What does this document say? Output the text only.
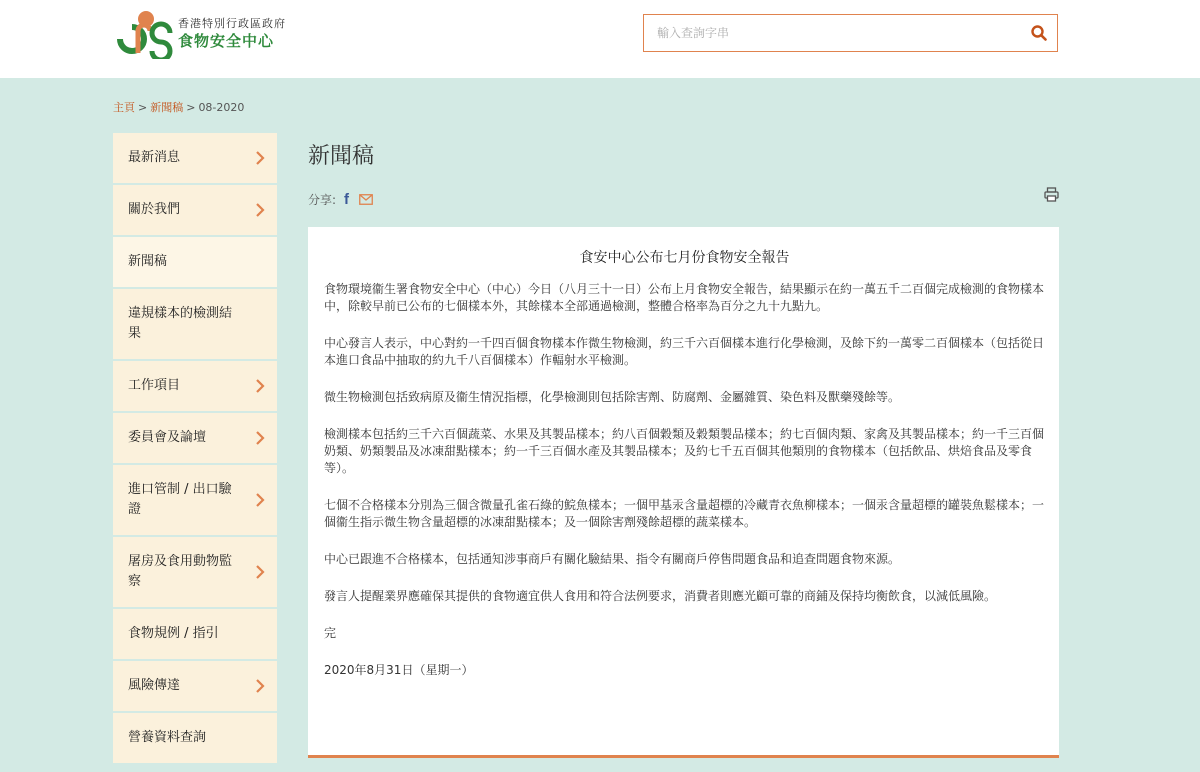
香港特別行政區政府
食物安全中心
輸入查詢字串
主頁 > 新聞稿 > 08-2020
最新消息
關於我們
新聞稿
違規樣本的檢測結果
工作項目
委員會及論壇
進口管制 / 出口驗證
屠房及食用動物監察
食物規例 / 指引
風險傳達
營養資料查詢
新聞稿
分享: f
食安中心公布七月份食物安全報告

食物環境衞生署食物安全中心（中心）今日（八月三十一日）公布上月食物安全報告，結果顯示在約一萬五千二百個完成檢測的食物樣本中，除較早前已公布的七個樣本外，其餘樣本全部通過檢測，整體合格率為百分之九十九點九。

中心發言人表示，中心對約一千四百個食物樣本作微生物檢測，約三千六百個樣本進行化學檢測，及餘下約一萬零二百個樣本（包括從日本進口食品中抽取的約九千八百個樣本）作輻射水平檢測。

微生物檢測包括致病原及衞生情況指標，化學檢測則包括除害劑、防腐劑、金屬雜質、染色料及獸藥殘餘等。

檢測樣本包括約三千六百個蔬菜、水果及其製品樣本；約八百個穀類及穀類製品樣本；約七百個肉類、家禽及其製品樣本；約一千三百個奶類、奶類製品及冰凍甜點樣本；約一千三百個水產及其製品樣本；及約七千五百個其他類別的食物樣本（包括飲品、烘焙食品及零食等）。

七個不合格樣本分別為三個含微量孔雀石綠的鯇魚樣本；一個甲基汞含量超標的冷藏青衣魚柳樣本；一個汞含量超標的罐裝魚鬆樣本；一個衞生指示微生物含量超標的冰凍甜點樣本；及一個除害劑殘餘超標的蔬菜樣本。

中心已跟進不合格樣本，包括通知涉事商戶有關化驗結果、指令有關商戶停售問題食品和追查問題食物來源。

發言人提醒業界應確保其提供的食物適宜供人食用和符合法例要求，消費者則應光顧可靠的商鋪及保持均衡飲食，以減低風險。

完

2020年8月31日（星期一）
